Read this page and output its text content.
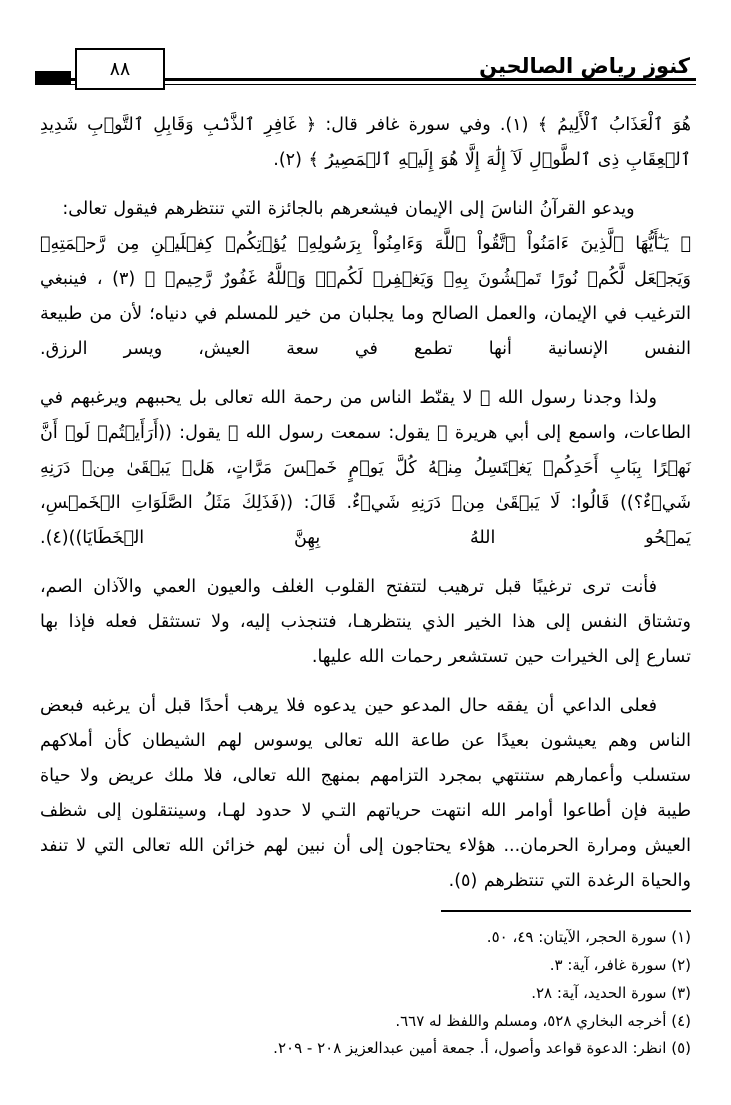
كنوز رياض الصالحين
٨٨

هُوَ ٱلْعَذَابُ ٱلْأَلِيمُ ﴾ (١). وفي سورة غافر قال: ﴿ غَافِرِ ٱلذَّنۢبِ وَقَابِلِ ٱلتَّوۡبِ شَدِيدِ ٱلۡعِقَابِ ذِى ٱلطَّوۡلِ لَآ إِلَٰهَ إِلَّا هُوَ إِلَيۡهِ ٱلۡمَصِيرُ ﴾ (٢).

ويدعو القرآنُ الناسَ إلى الإيمان فيشعرهم بالجائزة التي تنتظرهم فيقول تعالى:

﴿ يَـٰٓأَيُّهَا ٱلَّذِينَ ءَامَنُواْ ٱتَّقُواْ ٱللَّهَ وَءَامِنُواْ بِرَسُولِهِۦ يُؤۡتِكُمۡ كِفۡلَيۡنِ مِن رَّحۡمَتِهِۦ وَيَجۡعَل لَّكُمۡ نُورًا تَمۡشُونَ بِهِۦ وَيَغۡفِرۡ لَكُمۡۚ وَٱللَّهُ غَفُورٌ رَّحِيمٞ ﴾ (٣) ، فينبغي الترغيب في الإيمان، والعمل الصالح وما يجلبان من خير للمسلم في دنياه؛ لأن من طبيعة النفس الإنسانية أنها تطمع في سعة العيش، ويسر الرزق.

ولذا وجدنا رسول الله ﷺ لا يقنّط الناس من رحمة الله تعالى بل يحببهم ويرغبهم في الطاعات، واسمع إلى أبي هريرة ﷺ يقول: سمعت رسول الله ﷺ يقول: ((أَرَأَيۡتُمۡ لَوۡ أَنَّ نَهۡرًا بِبَابِ أَحَدِكُمۡ يَغۡتَسِلُ مِنۡهُ كُلَّ يَوۡمٍ خَمۡسَ مَرَّاتٍ، هَلۡ يَبۡقَىٰ مِنۡ دَرَنِهِ شَيۡءٌ؟)) قَالُوا: لَا يَبۡقَىٰ مِنۡ دَرَنِهِ شَيۡءٌ. قَالَ: ((فَذَلِكَ مَثَلُ الصَّلَوَاتِ الۡخَمۡسِ، يَمۡحُو اللهُ بِهِنَّ الۡخَطَايَا))(٤).

فأنت ترى ترغيبًا قبل ترهيب لتتفتح القلوب الغلف والعيون العمي والآذان الصم، وتشتاق النفس إلى هذا الخير الذي ينتظرهـا، فتنجذب إليه، ولا تستثقل فعله فإذا بها تسارع إلى الخيرات حين تستشعر رحمات الله عليها.

فعلى الداعي أن يفقه حال المدعو حين يدعوه فلا يرهب أحدًا قبل أن يرغبه فبعض الناس وهم يعيشون بعيدًا عن طاعة الله تعالى يوسوس لهم الشيطان كأن أملاكهم ستسلب وأعمارهم ستنتهي بمجرد التزامهم بمنهج الله تعالى، فلا ملك عريض ولا حياة طيبة فإن أطاعوا أوامر الله انتهت حرياتهم التـي لا حدود لهـا، وسينتقلون إلى شظف العيش ومرارة الحرمان... هؤلاء يحتاجون إلى أن نبين لهم خزائن الله تعالى التي لا تنفد والحياة الرغدة التي تنتظرهم (٥).

(١) سورة الحجر، الآيتان: ٤٩، ٥٠.
(٢) سورة غافر، آية: ٣.
(٣) سورة الحديد، آية: ٢٨.
(٤) أخرجه البخاري ٥٢٨، ومسلم واللفظ له ٦٦٧.
(٥) انظر: الدعوة قواعد وأصول، أ. جمعة أمين عبدالعزيز ٢٠٨ - ٢٠٩.
